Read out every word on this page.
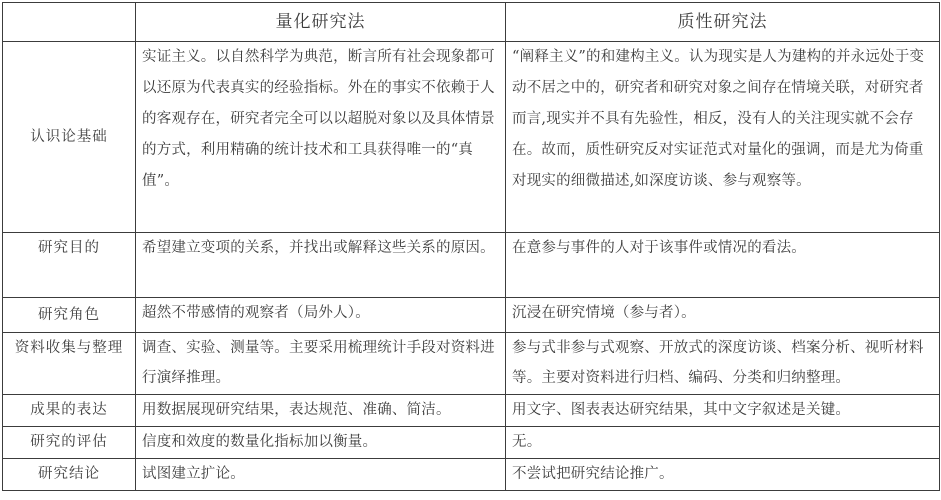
	量化研究法	质性研究法
认识论基础	实证主义。以自然科学为典范，断言所有社会现象都可以还原为代表真实的经验指标。外在的事实不依赖于人的客观存在，研究者完全可以以超脱对象以及具体情景的方式，利用精确的统计技术和工具获得唯一的“真值”。	“阐释主义”的和建构主义。认为现实是人为建构的并永远处于变动不居之中的，研究者和研究对象之间存在情境关联，对研究者而言,现实并不具有先验性，相反，没有人的关注现实就不会存在。故而，质性研究反对实证范式对量化的强调，而是尤为倚重对现实的细微描述,如深度访谈、参与观察等。
研究目的	希望建立变项的关系，并找出或解释这些关系的原因。	在意参与事件的人对于该事件或情况的看法。
研究角色	超然不带感情的观察者（局外人）。	沉浸在研究情境（参与者）。
资料收集与整理	调查、实验、测量等。主要采用梳理统计手段对资料进行演绎推理。	参与式非参与式观察、开放式的深度访谈、档案分析、视听材料等。主要对资料进行归档、编码、分类和归纳整理。
成果的表达	用数据展现研究结果，表达规范、准确、简洁。	用文字、图表表达研究结果，其中文字叙述是关键。
研究的评估	信度和效度的数量化指标加以衡量。	无。
研究结论	试图建立扩论。	不尝试把研究结论推广。
